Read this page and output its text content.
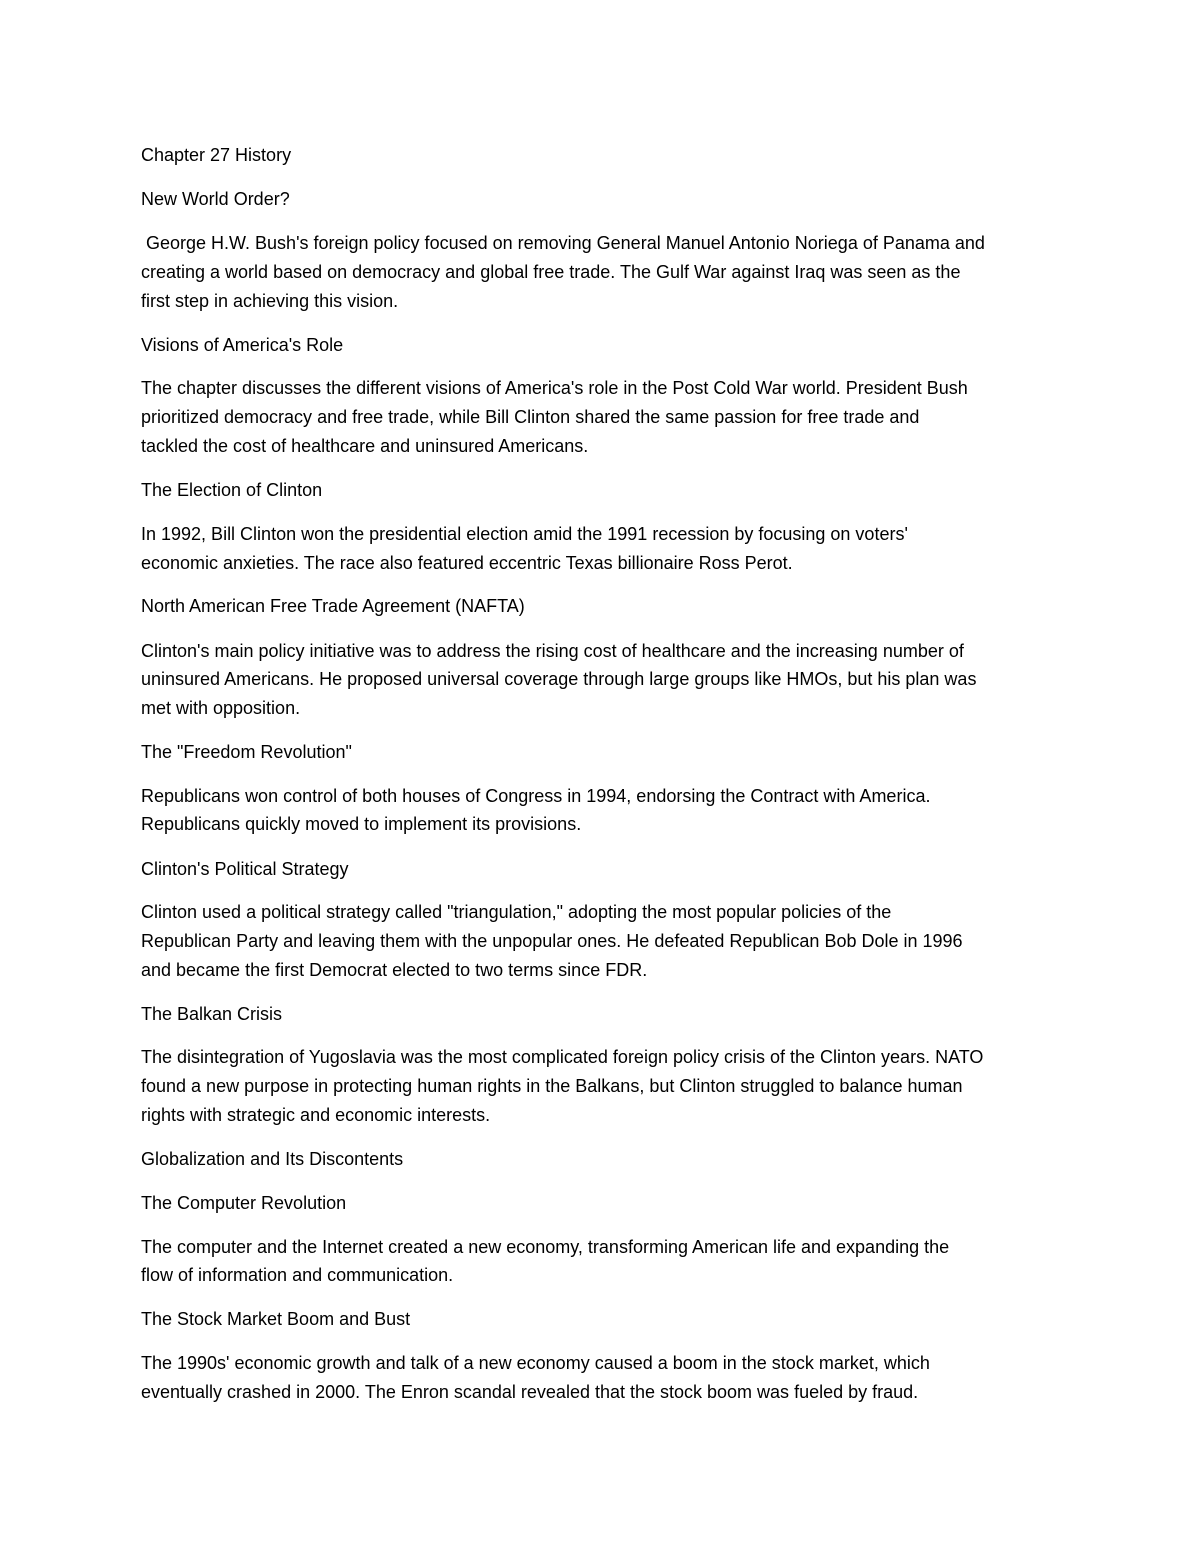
Chapter 27 History

New World Order?

George H.W. Bush's foreign policy focused on removing General Manuel Antonio Noriega of Panama and

creating a world based on democracy and global free trade. The Gulf War against Iraq was seen as the

first step in achieving this vision.

Visions of America's Role

The chapter discusses the different visions of America's role in the Post Cold War world. President Bush

prioritized democracy and free trade, while Bill Clinton shared the same passion for free trade and

tackled the cost of healthcare and uninsured Americans.

The Election of Clinton

In 1992, Bill Clinton won the presidential election amid the 1991 recession by focusing on voters'

economic anxieties. The race also featured eccentric Texas billionaire Ross Perot.

North American Free Trade Agreement (NAFTA)

Clinton's main policy initiative was to address the rising cost of healthcare and the increasing number of

uninsured Americans. He proposed universal coverage through large groups like HMOs, but his plan was

met with opposition.

The "Freedom Revolution"

Republicans won control of both houses of Congress in 1994, endorsing the Contract with America.

Republicans quickly moved to implement its provisions.

Clinton's Political Strategy

Clinton used a political strategy called "triangulation," adopting the most popular policies of the

Republican Party and leaving them with the unpopular ones. He defeated Republican Bob Dole in 1996

and became the first Democrat elected to two terms since FDR.

The Balkan Crisis

The disintegration of Yugoslavia was the most complicated foreign policy crisis of the Clinton years. NATO

found a new purpose in protecting human rights in the Balkans, but Clinton struggled to balance human

rights with strategic and economic interests.

Globalization and Its Discontents

The Computer Revolution

The computer and the Internet created a new economy, transforming American life and expanding the

flow of information and communication.

The Stock Market Boom and Bust

The 1990s' economic growth and talk of a new economy caused a boom in the stock market, which

eventually crashed in 2000. The Enron scandal revealed that the stock boom was fueled by fraud.
